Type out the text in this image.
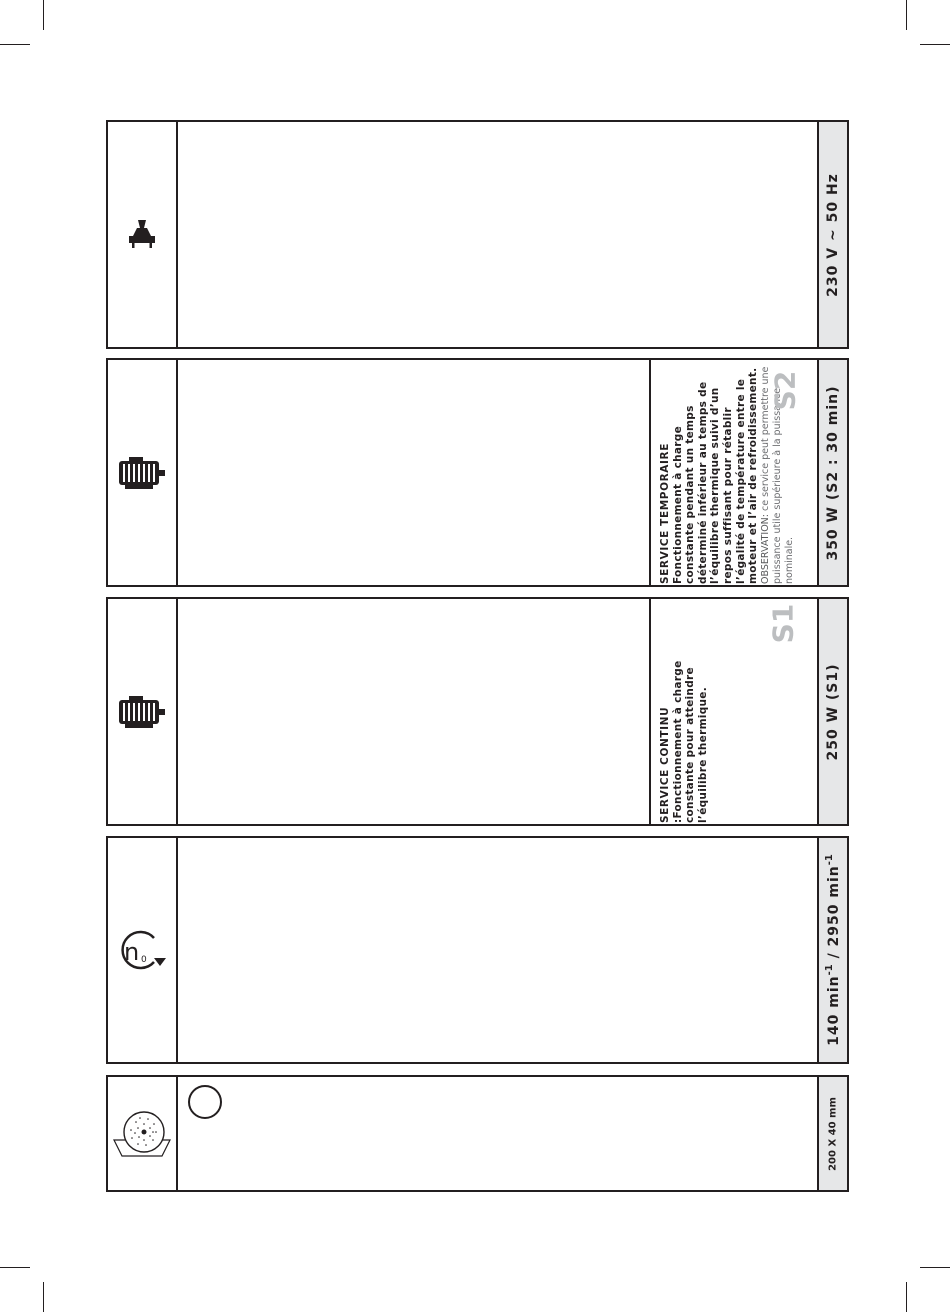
230 V ~ 50 Hz
SERVICE TEMPORAIRE Fonctionnement à charge constante pendant un temps déterminé inférieur au temps de l’équilibre thermique suivi d’un repos suffisant pour rétablir l’égalité de température entre le moteur et l’air de refroidissement. OBSERVATION: ce service peut permettre une puissance utile supérieure à la puissance nominale.
S2 350 W (S2 : 30 min)
SERVICE CONTINU :Fonctionnement à charge constante pour atteindre l’équilibre thermique.
S1
250 W (S1)
n 0
140 $\min^{-1} / 2950$ $\min^{-1}$
200 X 40 mm
